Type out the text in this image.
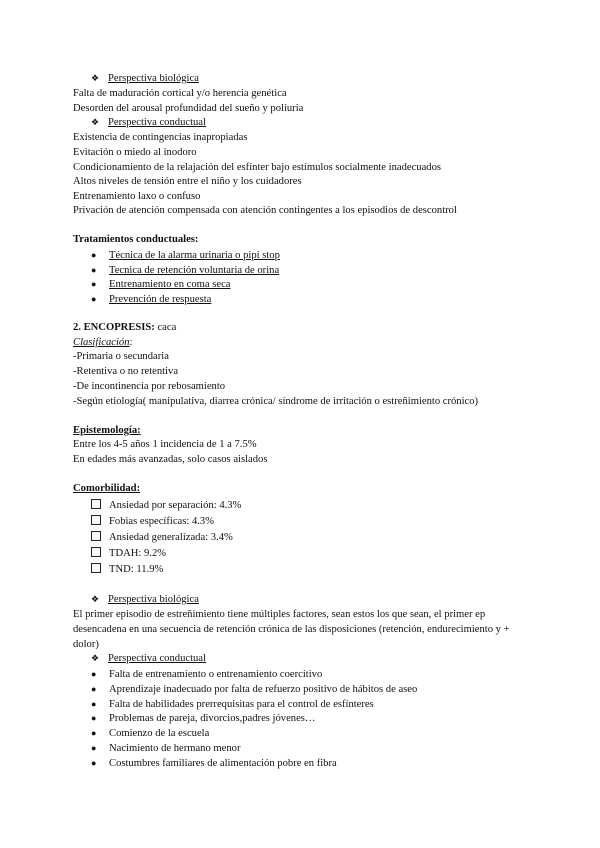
❖ Perspectiva biológica
Falta de maduración cortical y/o herencia genética
Desorden del arousal profundidad del sueño y poliuria
❖ Perspectiva conductual
Existencia de contingencias inapropiadas
Evitación o miedo al inodoro
Condicionamiento de la relajación del esfínter bajo estímulos socialmente inadecuados
Altos niveles de tensión entre el niño y los cuidadores
Entrenamiento laxo o confuso
Privación de atención compensada con atención contingentes a los episodios de descontrol
Tratamientos conductuales:
● Técnica de la alarma urinaria o pipi stop
● Tecnica de retención voluntaria de orina
● Entrenamiento en coma seca
● Prevención de respuesta
2. ENCOPRESIS: caca
Clasificación:
-Primaria o secundaria
-Retentiva o no retentiva
-De incontinencia por rebosamiento
-Según etiología( manipulativa, diarrea crónica/ síndrome de irritación o estreñimiento crónico)
Epistemología:
Entre los 4-5 años 1 incidencia de 1 a 7.5%
En edades más avanzadas, solo casos aislados
Comorbilidad:
Ansiedad por separación: 4.3%
Fobias específicas: 4.3%
Ansiedad generalizada: 3.4%
TDAH: 9.2%
TND: 11.9%
❖ Perspectiva biológica
El primer episodio de estreñimiento tiene múltiples factores, sean estos los que sean, el primer ep desencadena en una secuencia de retención crónica de las disposiciones (retención, endurecimiento y + dolor)
❖ Perspectiva conductual
● Falta de entrenamiento o entrenamiento coercitivo
● Aprendizaje inadecuado por falta de refuerzo positivo de hábitos de aseo
● Falta de habilidades prerrequisitas para el control de esfínteres
● Problemas de pareja, divorcios,padres jóvenes…
● Comienzo de la escuela
● Nacimiento de hermano menor
● Costumbres familiares de alimentación pobre en fibra
